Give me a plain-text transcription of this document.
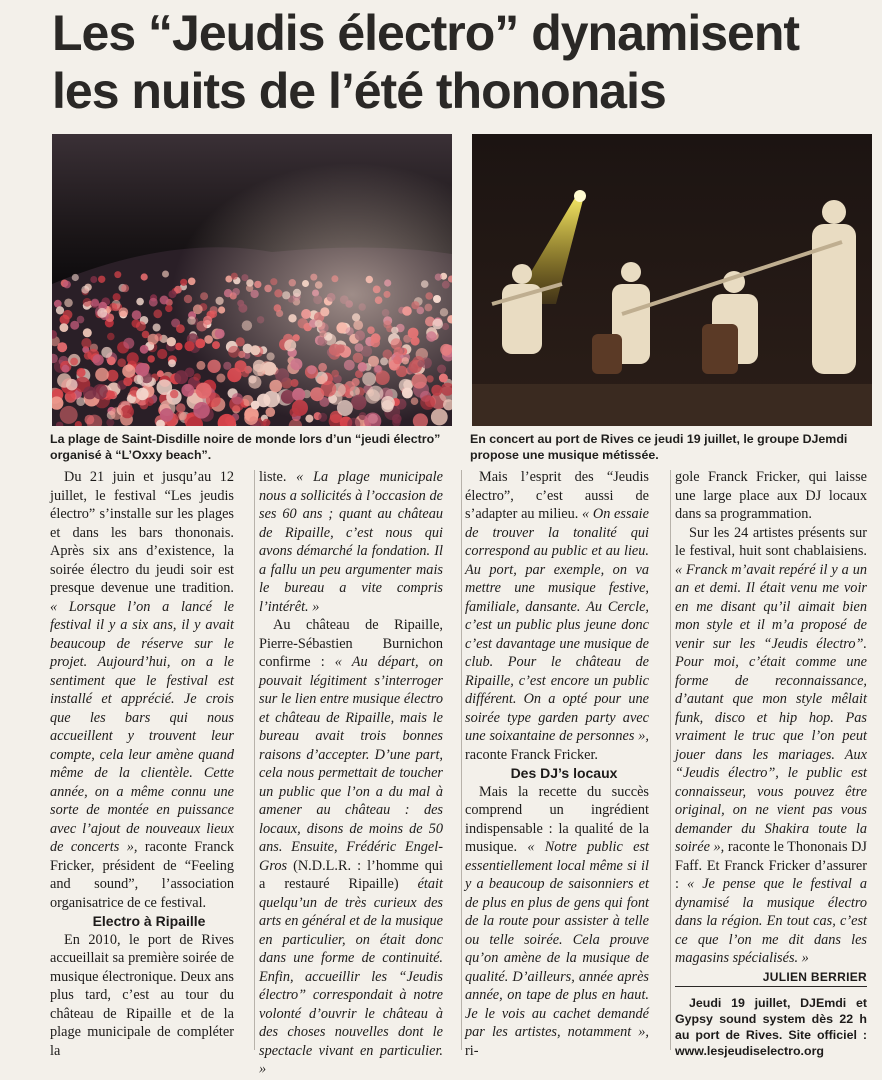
Les “Jeudis électro” dynamisent
les nuits de l’été thononais
La plage de Saint-Disdille noire de monde lors d’un “jeudi électro” organisé à “L’Oxxy beach”.
En concert au port de Rives ce jeudi 19 juillet, le groupe DJemdi propose une musique métissée.

Du 21 juin et jusqu’au 12 juillet, le festival “Les jeudis électro” s’installe sur les plages et dans les bars thononais. Après six ans d’existence, la soirée électro du jeudi soir est presque devenue une tradition. « Lorsque l’on a lancé le festival il y a six ans, il y avait beaucoup de réserve sur le projet. Aujourd’hui, on a le sentiment que le festival est installé et apprécié. Je crois que les bars qui nous accueillent y trouvent leur compte, cela leur amène quand même de la clientèle. Cette année, on a même connu une sorte de montée en puissance avec l’ajout de nouveaux lieux de concerts », raconte Franck Fricker, président de “Feeling and sound”, l’association organisatrice de ce festival.

Electro à Ripaille

En 2010, le port de Rives accueillait sa première soirée de musique électronique. Deux ans plus tard, c’est au tour du château de Ripaille et de la plage municipale de compléter la

liste. « La plage municipale nous a sollicités à l’occasion de ses 60 ans ; quant au château de Ripaille, c’est nous qui avons démarché la fondation. Il a fallu un peu argumenter mais le bureau a vite compris l’intérêt. »

Au château de Ripaille, Pierre-Sébastien Burnichon confirme : « Au départ, on pouvait légitiment s’interroger sur le lien entre musique électro et château de Ripaille, mais le bureau avait trois bonnes raisons d’accepter. D’une part, cela nous permettait de toucher un public que l’on a du mal à amener au château : des locaux, disons de moins de 50 ans. Ensuite, Frédéric Engel-Gros (N.D.L.R. : l’homme qui a restauré Ripaille) était quelqu’un de très curieux des arts en général et de la musique en particulier, on était donc dans une forme de continuité. Enfin, accueillir les “Jeudis électro” correspondait à notre volonté d’ouvrir le château à des choses nouvelles dont le spectacle vivant en particulier. »

Mais l’esprit des “Jeudis électro”, c’est aussi de s’adapter au milieu. « On essaie de trouver la tonalité qui correspond au public et au lieu. Au port, par exemple, on va mettre une musique festive, familiale, dansante. Au Cercle, c’est un public plus jeune donc c’est davantage une musique de club. Pour le château de Ripaille, c’est encore un public différent. On a opté pour une soirée type garden party avec une soixantaine de personnes », raconte Franck Fricker.

Des DJ’s locaux

Mais la recette du succès comprend un ingrédient indispensable : la qualité de la musique. « Notre public est essentiellement local même si il y a beaucoup de saisonniers et de plus en plus de gens qui font de la route pour assister à telle ou telle soirée. Cela prouve qu’on amène de la musique de qualité. D’ailleurs, année après année, on tape de plus en haut. Je le vois au cachet demandé par les artistes, notamment », ri-

gole Franck Fricker, qui laisse une large place aux DJ locaux dans sa programmation.

Sur les 24 artistes présents sur le festival, huit sont chablaisiens. « Franck m’avait repéré il y a un an et demi. Il était venu me voir en me disant qu’il aimait bien mon style et il m’a proposé de venir sur les “Jeudis électro”. Pour moi, c’était comme une forme de reconnaissance, d’autant que mon style mêlait funk, disco et hip hop. Pas vraiment le truc que l’on peut jouer dans les mariages. Aux “Jeudis électro”, le public est connaisseur, vous pouvez être original, on ne vient pas vous demander du Shakira toute la soirée », raconte le Thononais DJ Faff. Et Franck Fricker d’assurer : « Je pense que le festival a dynamisé la musique électro dans la région. En tout cas, c’est ce que l’on me dit dans les magasins spécialisés. »

JULIEN BERRIER

Jeudi 19 juillet, DJEmdi et Gypsy sound system dès 22 h au port de Rives. Site officiel : www.lesjeudiselectro.org
